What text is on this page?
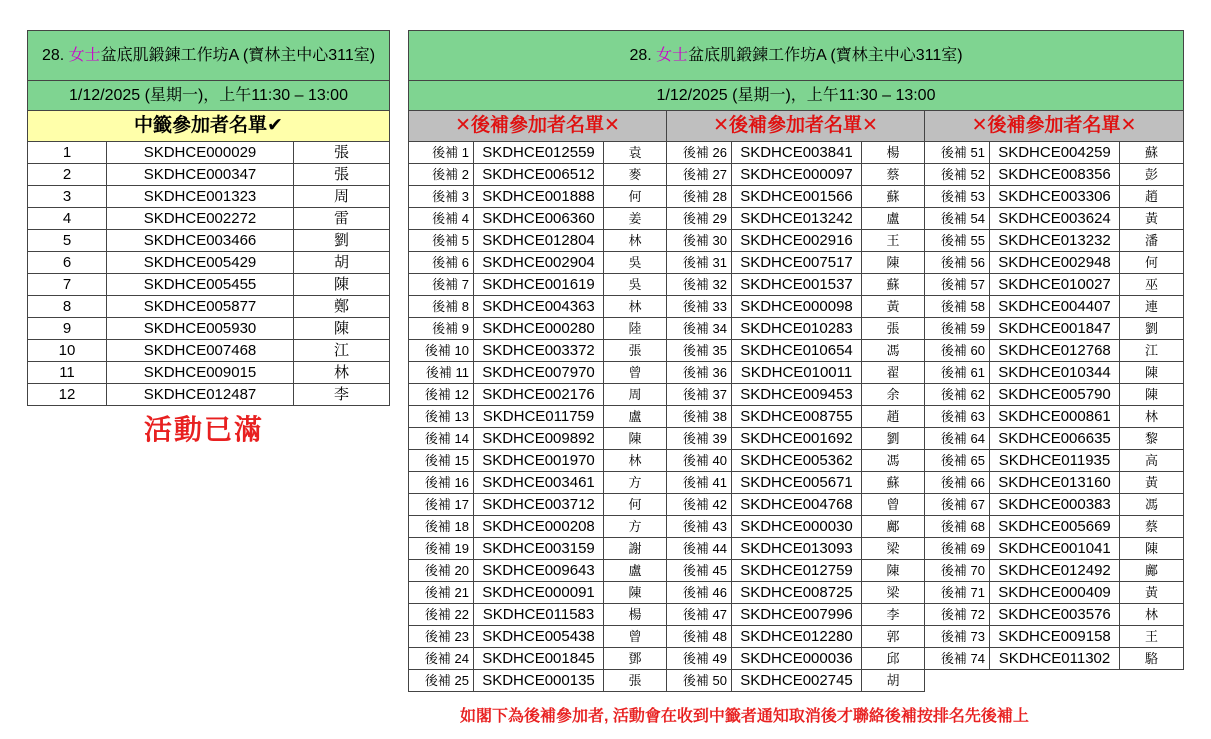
28. 女士盆底肌鍛鍊工作坊A (寶林主中心311室)		
1/12/2025 (星期一)，上午11:30 – 13:00		
中籤參加者名單✔		
1	SKDHCE000029	張
2	SKDHCE000347	張
3	SKDHCE001323	周
4	SKDHCE002272	雷
5	SKDHCE003466	劉
6	SKDHCE005429	胡
7	SKDHCE005455	陳
8	SKDHCE005877	鄭
9	SKDHCE005930	陳
10	SKDHCE007468	江
11	SKDHCE009015	林
12	SKDHCE012487	李
活動已滿
28. 女士盆底肌鍛鍊工作坊A (寶林主中心311室)								
1/12/2025 (星期一)，上午11:30 – 13:00								
✕後補參加者名單✕			✕後補參加者名單✕			✕後補參加者名單✕		
後補 1	SKDHCE012559	袁	後補 26	SKDHCE003841	楊	後補 51	SKDHCE004259	蘇
後補 2	SKDHCE006512	麥	後補 27	SKDHCE000097	蔡	後補 52	SKDHCE008356	彭
後補 3	SKDHCE001888	何	後補 28	SKDHCE001566	蘇	後補 53	SKDHCE003306	趙
後補 4	SKDHCE006360	姜	後補 29	SKDHCE013242	盧	後補 54	SKDHCE003624	黃
後補 5	SKDHCE012804	林	後補 30	SKDHCE002916	王	後補 55	SKDHCE013232	潘
後補 6	SKDHCE002904	吳	後補 31	SKDHCE007517	陳	後補 56	SKDHCE002948	何
後補 7	SKDHCE001619	吳	後補 32	SKDHCE001537	蘇	後補 57	SKDHCE010027	巫
後補 8	SKDHCE004363	林	後補 33	SKDHCE000098	黃	後補 58	SKDHCE004407	連
後補 9	SKDHCE000280	陸	後補 34	SKDHCE010283	張	後補 59	SKDHCE001847	劉
後補 10	SKDHCE003372	張	後補 35	SKDHCE010654	馮	後補 60	SKDHCE012768	江
後補 11	SKDHCE007970	曾	後補 36	SKDHCE010011	翟	後補 61	SKDHCE010344	陳
後補 12	SKDHCE002176	周	後補 37	SKDHCE009453	余	後補 62	SKDHCE005790	陳
後補 13	SKDHCE011759	盧	後補 38	SKDHCE008755	趙	後補 63	SKDHCE000861	林
後補 14	SKDHCE009892	陳	後補 39	SKDHCE001692	劉	後補 64	SKDHCE006635	黎
後補 15	SKDHCE001970	林	後補 40	SKDHCE005362	馮	後補 65	SKDHCE011935	高
後補 16	SKDHCE003461	方	後補 41	SKDHCE005671	蘇	後補 66	SKDHCE013160	黃
後補 17	SKDHCE003712	何	後補 42	SKDHCE004768	曾	後補 67	SKDHCE000383	馮
後補 18	SKDHCE000208	方	後補 43	SKDHCE000030	鄺	後補 68	SKDHCE005669	蔡
後補 19	SKDHCE003159	謝	後補 44	SKDHCE013093	梁	後補 69	SKDHCE001041	陳
後補 20	SKDHCE009643	盧	後補 45	SKDHCE012759	陳	後補 70	SKDHCE012492	鄺
後補 21	SKDHCE000091	陳	後補 46	SKDHCE008725	梁	後補 71	SKDHCE000409	黃
後補 22	SKDHCE011583	楊	後補 47	SKDHCE007996	李	後補 72	SKDHCE003576	林
後補 23	SKDHCE005438	曾	後補 48	SKDHCE012280	郭	後補 73	SKDHCE009158	王
後補 24	SKDHCE001845	鄧	後補 49	SKDHCE000036	邱	後補 74	SKDHCE011302	駱
後補 25	SKDHCE000135	張	後補 50	SKDHCE002745	胡			
如閣下為後補參加者, 活動會在收到中籤者通知取消後才聯絡後補按排名先後補上
